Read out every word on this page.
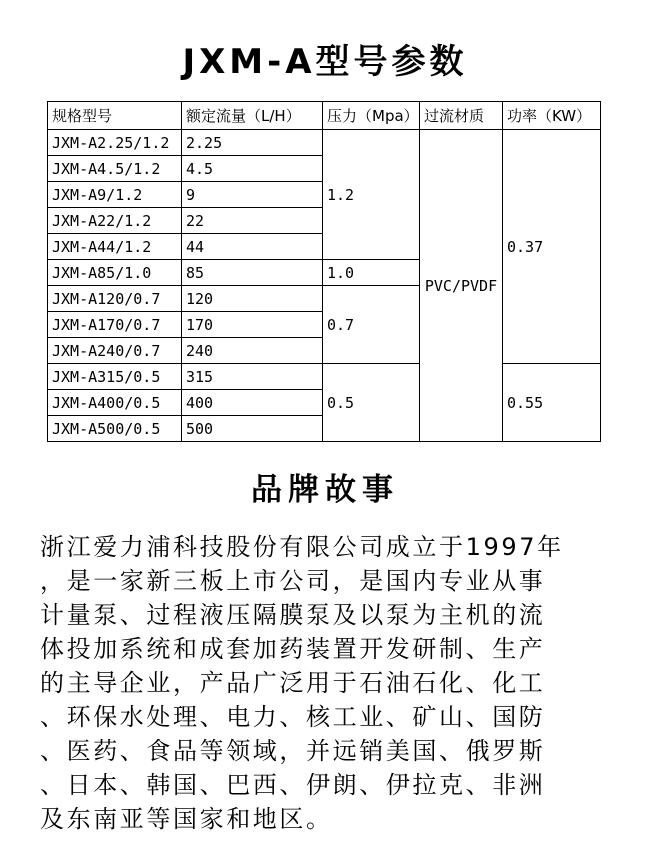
JXM-A型号参数
规格型号	额定流量（L/H）	压力（Mpa）	过流材质	功率（KW）
JXM-A2.25/1.2	2.25	1.2	PVC/PVDF	0.37
JXM-A4.5/1.2	4.5			
JXM-A9/1.2	9			
JXM-A22/1.2	22			
JXM-A44/1.2	44			
JXM-A85/1.0	85	1.0		
JXM-A120/0.7	120	0.7		
JXM-A170/0.7	170			
JXM-A240/0.7	240			
JXM-A315/0.5	315	0.5		0.55
JXM-A400/0.5	400			
JXM-A500/0.5	500			
品牌故事

浙江爱力浦科技股份有限公司成立于1997年
，是一家新三板上市公司，是国内专业从事
计量泵、过程液压隔膜泵及以泵为主机的流
体投加系统和成套加药装置开发研制、生产
的主导企业，产品广泛用于石油石化、化工
、环保水处理、电力、核工业、矿山、国防
、医药、食品等领域，并远销美国、俄罗斯
、日本、韩国、巴西、伊朗、伊拉克、非洲
及东南亚等国家和地区。
